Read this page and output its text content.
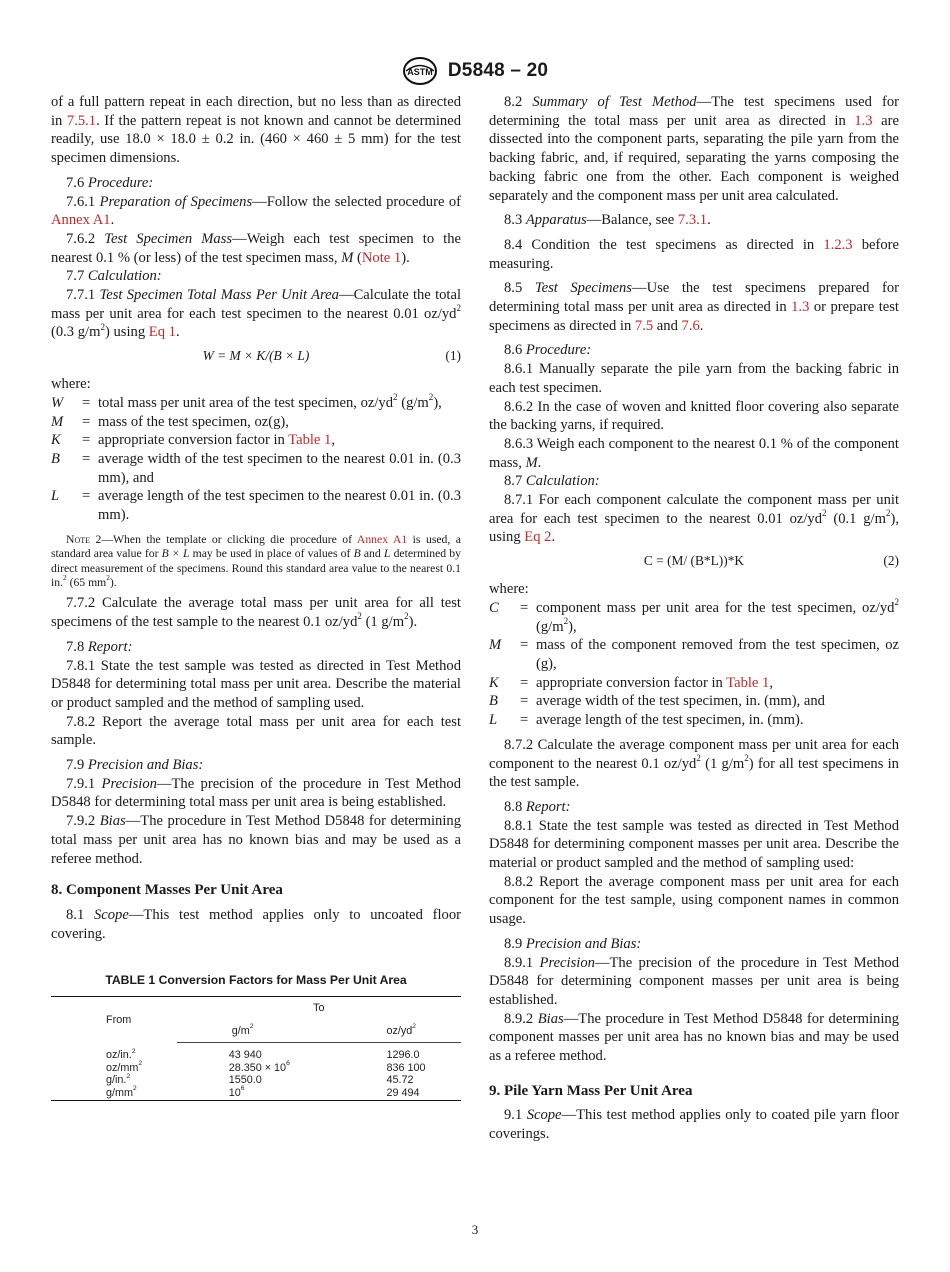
ASTM D5848 – 20

of a full pattern repeat in each direction, but no less than as directed in 7.5.1. If the pattern repeat is not known and cannot be determined readily, use 18.0 × 18.0 ± 0.2 in. (460 × 460 ± 5 mm) for the test specimen dimensions.

7.6 Procedure:

7.6.1 Preparation of Specimens—Follow the selected procedure of Annex A1.

7.6.2 Test Specimen Mass—Weigh each test specimen to the nearest 0.1 % (or less) of the test specimen mass, M (Note 1).

7.7 Calculation:

7.7.1 Test Specimen Total Mass Per Unit Area—Calculate the total mass per unit area for each test specimen to the nearest 0.01 $oz/yd^2$ (0.3 $g/m^2$) using Eq 1.

W = M × K/(B × L)	(1)

where:

W	= total mass per unit area of the test specimen, $oz/yd^2$ $(g/m^2)$,
M	= mass of the test specimen, oz(g),
K	= appropriate conversion factor in Table 1,
B	= average width of the test specimen to the nearest 0.01 in. (0.3 mm), and
L	= average length of the test specimen to the nearest 0.01 in. (0.3 mm).

Note 2—When the template or clicking die procedure of Annex A1 is used, a standard area value for B × L may be used in place of values of B and L determined by direct measurement of the specimens. Round this standard area value to the nearest 0.1 in.$^2$ (65 $mm^2$).

7.7.2 Calculate the average total mass per unit area for all test specimens of the test sample to the nearest 0.1 $oz/yd^2$ (1 $g/m^2$).

7.8 Report:

7.8.1 State the test sample was tested as directed in Test Method D5848 for determining total mass per unit area. Describe the material or product sampled and the method of sampling used.

7.8.2 Report the average total mass per unit area for each test sample.

7.9 Precision and Bias:

7.9.1 Precision—The precision of the procedure in Test Method D5848 for determining total mass per unit area is being established.

7.9.2 Bias—The procedure in Test Method D5848 for determining total mass per unit area has no known bias and may be used as a referee method.

8. Component Masses Per Unit Area

8.1 Scope—This test method applies only to uncoated floor covering.

TABLE 1 Conversion Factors for Mass Per Unit Area

From	To	
	$g/m^2$	$oz/yd^2$
oz/in.$^2$	43 940	1296.0
$oz/mm^2$	$28.350 \times 10^6$	836 100
g/in.$^2$	1550.0	45.72
$g/mm^2$	$10^6$	29 494

8.2 Summary of Test Method—The test specimens used for determining the total mass per unit area as directed in 1.3 are dissected into the component parts, separating the pile yarn from the backing fabric, and, if required, separating the yarns composing the backing fabric one from the other. Each component is weighed separately and the component mass per unit area calculated.

8.3 Apparatus—Balance, see 7.3.1.

8.4 Condition the test specimens as directed in 1.2.3 before measuring.

8.5 Test Specimens—Use the test specimens prepared for determining total mass per unit area as directed in 1.3 or prepare test specimens as directed in 7.5 and 7.6.

8.6 Procedure:

8.6.1 Manually separate the pile yarn from the backing fabric in each test specimen.

8.6.2 In the case of woven and knitted floor covering also separate the backing yarns, if required.

8.6.3 Weigh each component to the nearest 0.1 % of the component mass, M.

8.7 Calculation:

8.7.1 For each component calculate the component mass per unit area for each test specimen to the nearest 0.01 $oz/yd^2$ (0.1 $g/m^2$), using Eq 2.

C = (M/ (B*L))*K	(2)

where:

C	= component mass per unit area for the test specimen, $oz/yd^2$ $(g/m^2)$,
M	= mass of the component removed from the test specimen, oz (g),
K	= appropriate conversion factor in Table 1,
B	= average width of the test specimen, in. (mm), and
L	= average length of the test specimen, in. (mm).

8.7.2 Calculate the average component mass per unit area for each component to the nearest 0.1 $oz/yd^2$ (1 $g/m^2$) for all test specimens in the test sample.

8.8 Report:

8.8.1 State the test sample was tested as directed in Test Method D5848 for determining component masses per unit area. Describe the material or product sampled and the method of sampling used:

8.8.2 Report the average component mass per unit area for each component for the test sample, using component names in common usage.

8.9 Precision and Bias:

8.9.1 Precision—The precision of the procedure in Test Method D5848 for determining component masses per unit area is being established.

8.9.2 Bias—The procedure in Test Method D5848 for determining component masses per unit area has no known bias and may be used as a referee method.

9. Pile Yarn Mass Per Unit Area

9.1 Scope—This test method applies only to coated pile yarn floor coverings.

3
